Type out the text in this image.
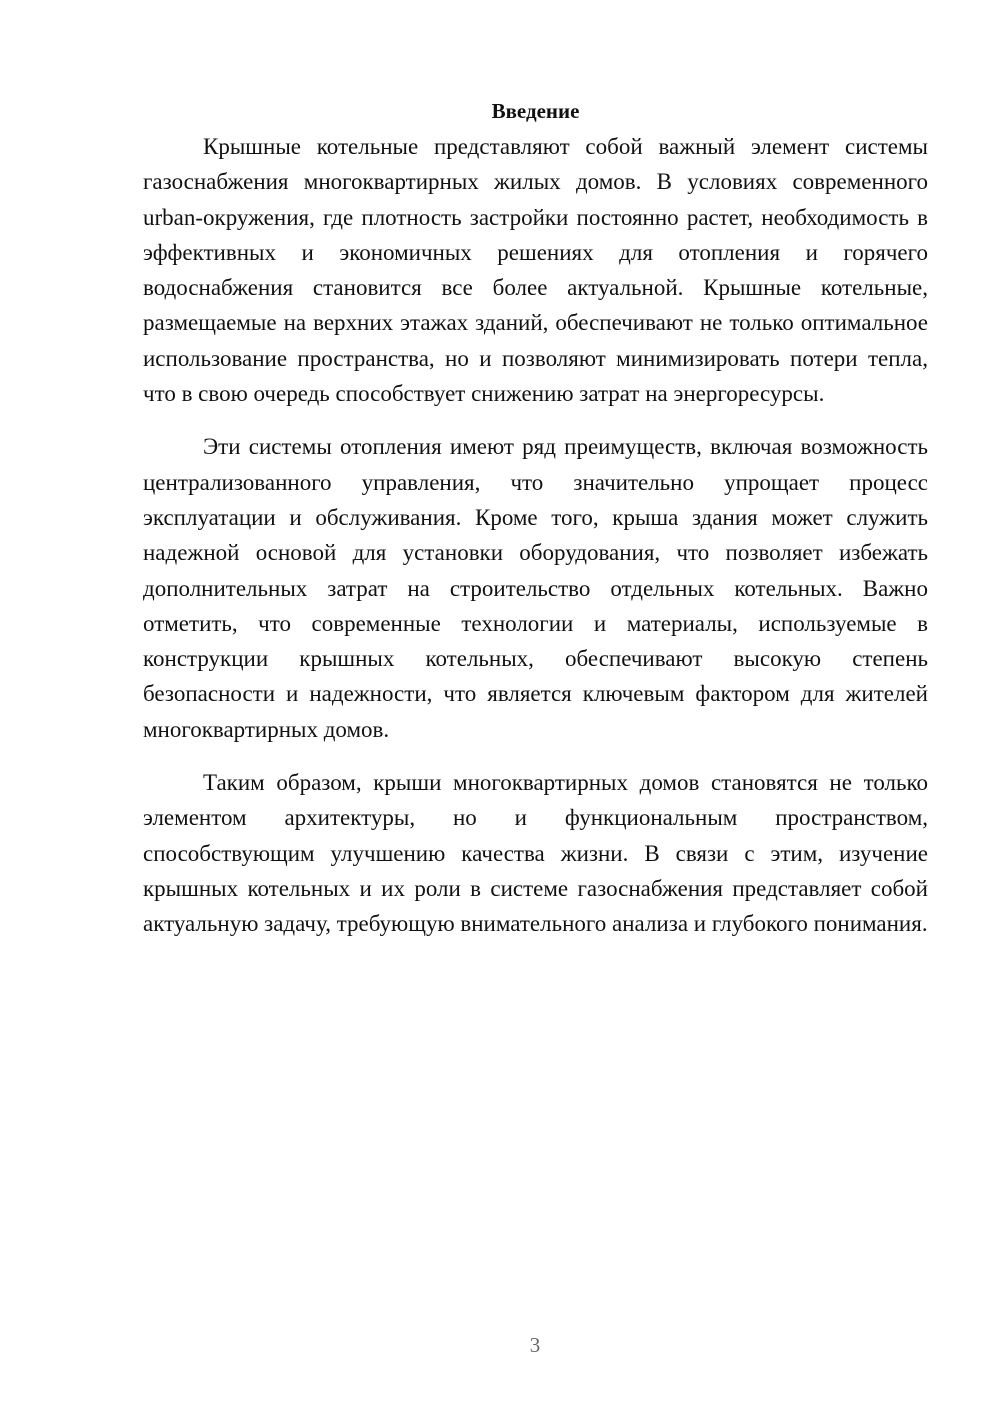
Введение

Крышные котельные представляют собой важный элемент системы газоснабжения многоквартирных жилых домов. В условиях современного urban-окружения, где плотность застройки постоянно растет, необходимость в эффективных и экономичных решениях для отопления и горячего водоснабжения становится все более актуальной. Крышные котельные, размещаемые на верхних этажах зданий, обеспечивают не только оптимальное использование пространства, но и позволяют минимизировать потери тепла, что в свою очередь способствует снижению затрат на энергоресурсы.

Эти системы отопления имеют ряд преимуществ, включая возможность централизованного управления, что значительно упрощает процесс эксплуатации и обслуживания. Кроме того, крыша здания может служить надежной основой для установки оборудования, что позволяет избежать дополнительных затрат на строительство отдельных котельных. Важно отметить, что современные технологии и материалы, используемые в конструкции крышных котельных, обеспечивают высокую степень безопасности и надежности, что является ключевым фактором для жителей многоквартирных домов.

Таким образом, крыши многоквартирных домов становятся не только элементом архитектуры, но и функциональным пространством, способствующим улучшению качества жизни. В связи с этим, изучение крышных котельных и их роли в системе газоснабжения представляет собой актуальную задачу, требующую внимательного анализа и глубокого понимания.

3
